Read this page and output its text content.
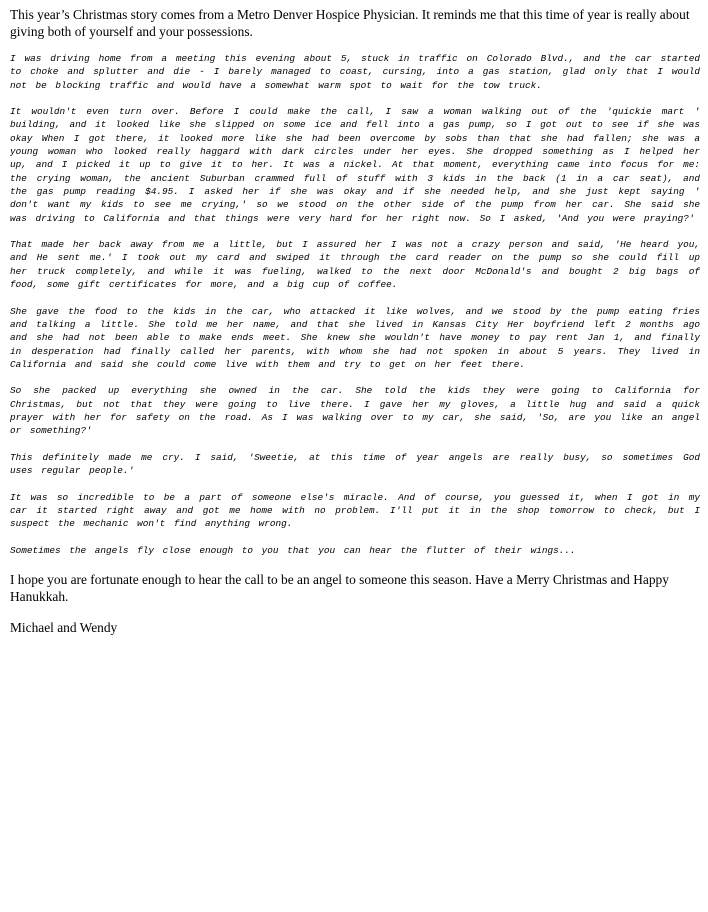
This year’s Christmas story comes from a Metro Denver Hospice Physician. It reminds me that this time of year is really about giving both of yourself and your possessions.

I was driving home from a meeting this evening about 5, stuck in traffic on Colorado Blvd., and the car started to choke and splutter and die - I barely managed to coast, cursing, into a gas station, glad only that I would not be blocking traffic and would have a somewhat warm spot to wait for the tow truck.

It wouldn't even turn over. Before I could make the call, I saw a woman walking out of the 'quickie mart ' building, and it looked like she slipped on some ice and fell into a gas pump, so I got out to see if she was okay When I got there, it looked more like she had been overcome by sobs than that she had fallen; she was a young woman who looked really haggard with dark circles under her eyes. She dropped something as I helped her up, and I picked it up to give it to her. It was a nickel. At that moment, everything came into focus for me: the crying woman, the ancient Suburban crammed full of stuff with 3 kids in the back (1 in a car seat), and the gas pump reading $4.95. I asked her if she was okay and if she needed help, and she just kept saying ' don't want my kids to see me crying,' so we stood on the other side of the pump from her car. She said she was driving to California and that things were very hard for her right now. So I asked, 'And you were praying?'

That made her back away from me a little, but I assured her I was not a crazy person and said, 'He heard you, and He sent me.' I took out my card and swiped it through the card reader on the pump so she could fill up her truck completely, and while it was fueling, walked to the next door McDonald's and bought 2 big bags of food, some gift certificates for more, and a big cup of coffee.

She gave the food to the kids in the car, who attacked it like wolves, and we stood by the pump eating fries and talking a little. She told me her name, and that she lived in Kansas City Her boyfriend left 2 months ago and she had not been able to make ends meet. She knew she wouldn't have money to pay rent Jan 1, and finally in desperation had finally called her parents, with whom she had not spoken in about 5 years. They lived in California and said she could come live with them and try to get on her feet there.

So she packed up everything she owned in the car. She told the kids they were going to California for Christmas, but not that they were going to live there. I gave her my gloves, a little hug and said a quick prayer with her for safety on the road. As I was walking over to my car, she said, 'So, are you like an angel or something?'

This definitely made me cry. I said, 'Sweetie, at this time of year angels are really busy, so sometimes God uses regular people.'

It was so incredible to be a part of someone else's miracle. And of course, you guessed it, when I got in my car it started right away and got me home with no problem. I'll put it in the shop tomorrow to check, but I suspect the mechanic won't find anything wrong.

Sometimes the angels fly close enough to you that you can hear the flutter of their wings...

I hope you are fortunate enough to hear the call to be an angel to someone this season. Have a Merry Christmas and Happy Hanukkah.

Michael and Wendy
